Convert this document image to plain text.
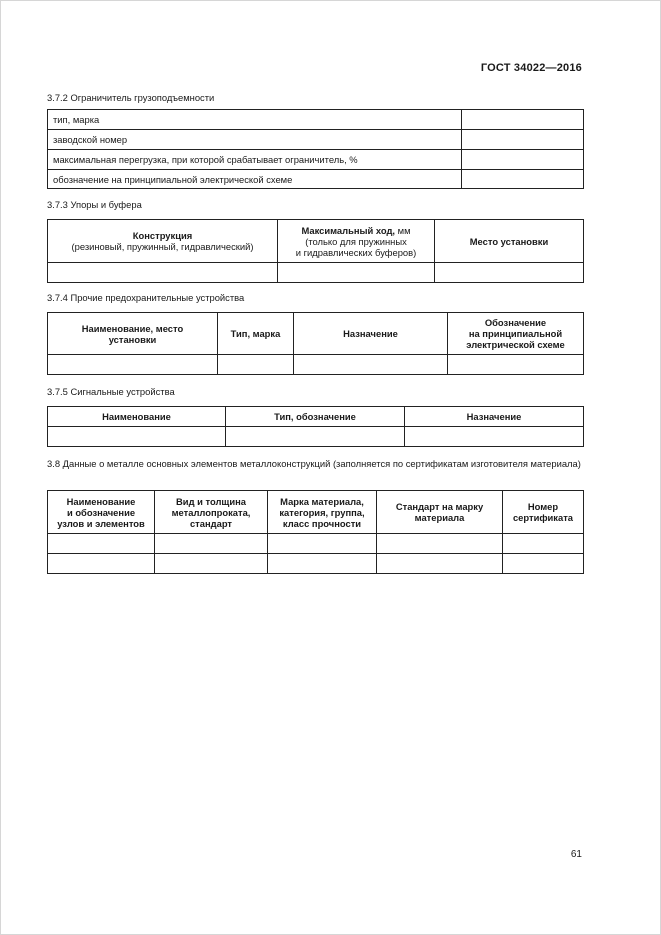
ГОСТ 34022—2016
3.7.2 Ограничитель грузоподъемности
тип, марка	
заводской номер	
максимальная перегрузка, при которой срабатывает ограничитель, %	
обозначение на принципиальной электрической схеме	
3.7.3 Упоры и буфера
Конструкция
(резиновый, пружинный, гидравлический)	Максимальный ход, мм
(только для пружинных
и гидравлических буферов)	Место установки

3.7.4 Прочие предохранительные устройства
Наименование, место
установки	Тип, марка	Назначение	Обозначение
на принципиальной
электрической схеме

3.7.5 Сигнальные устройства
Наименование	Тип, обозначение	Назначение

3.8 Данные о металле основных элементов металлоконструкций (заполняется по сертификатам изготовителя материала)
Наименование
и обозначение
узлов и элементов	Вид и толщина
металлопроката,
стандарт	Марка материала,
категория, группа,
класс прочности	Стандарт на марку
материала	Номер
сертификата

61
